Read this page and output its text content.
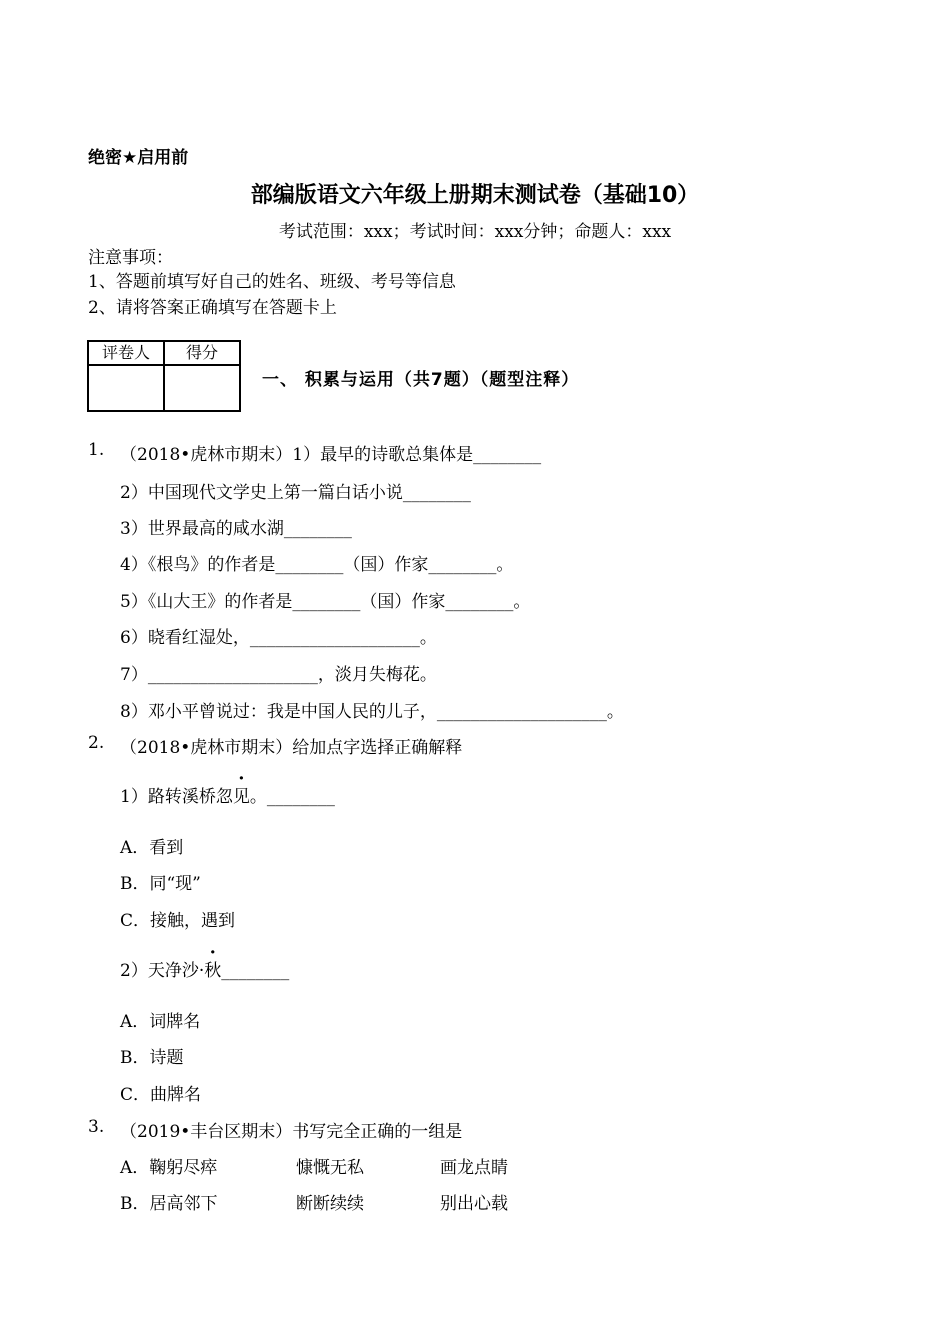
绝密★启用前
部编版语文六年级上册期末测试卷（基础10）
考试范围：xxx；考试时间：xxx分钟；命题人：xxx
注意事项：
1、答题前填写好自己的姓名、班级、考号等信息
2、请将答案正确填写在答题卡上
评卷人	得分

一、 积累与运用（共7题）（题型注释）
1. （2018•虎林市期末）1）最早的诗歌总集体是________
2）中国现代文学史上第一篇白话小说________
3）世界最高的咸水湖________
4）《根鸟》的作者是________（国）作家________。
5）《山大王》的作者是________（国）作家________。
6）晓看红湿处，____________________。
7）____________________，淡月失梅花。
8）邓小平曾说过：我是中国人民的儿子，____________________。
2. （2018•虎林市期末）给加点字选择正确解释
1）路转溪桥忽见。________
A．看到
B．同“现”
C．接触，遇到
2）天净沙·秋________
A．词牌名
B．诗题
C．曲牌名
3. （2019•丰台区期末）书写完全正确的一组是
A．鞠躬尽瘁	慷慨无私	画龙点睛
B．居高邻下	断断续续	别出心载
